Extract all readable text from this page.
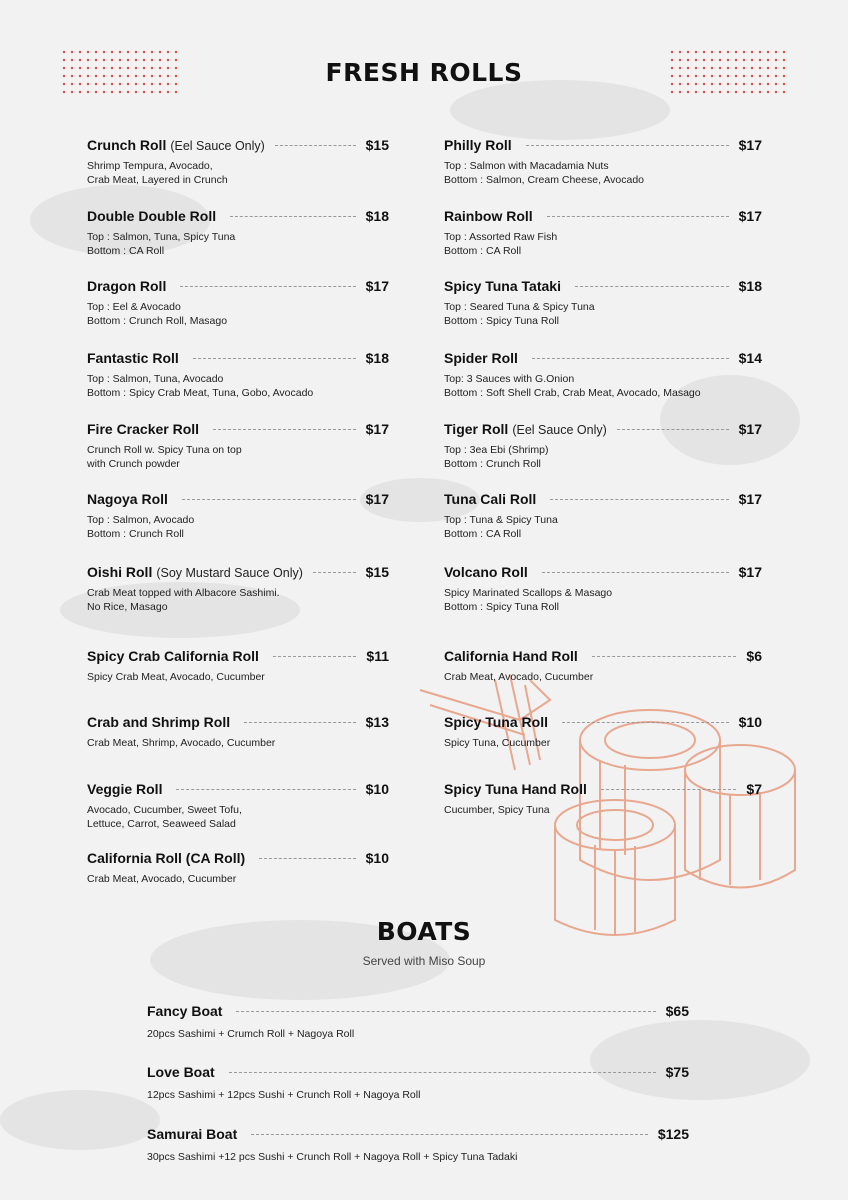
FRESH ROLLS
Crunch Roll (Eel Sauce Only)	$15
Shrimp Tempura, Avocado,
Crab Meat, Layered in Crunch
Double Double Roll	$18
Top : Salmon, Tuna, Spicy Tuna
Bottom : CA Roll
Dragon Roll	$17
Top : Eel & Avocado
Bottom : Crunch Roll, Masago
Fantastic Roll	$18
Top : Salmon, Tuna, Avocado
Bottom : Spicy Crab Meat, Tuna, Gobo, Avocado
Fire Cracker Roll	$17
Crunch Roll w. Spicy Tuna on top
with Crunch powder
Nagoya Roll	$17
Top : Salmon, Avocado
Bottom : Crunch Roll
Oishi Roll (Soy Mustard Sauce Only)	$15
Crab Meat topped with Albacore Sashimi.
No Rice, Masago
Spicy Crab California Roll	$11
Spicy Crab Meat, Avocado, Cucumber
Crab and Shrimp Roll	$13
Crab Meat, Shrimp, Avocado, Cucumber
Veggie Roll	$10
Avocado, Cucumber, Sweet Tofu,
Lettuce, Carrot, Seaweed Salad
California Roll (CA Roll)	$10
Crab Meat, Avocado, Cucumber
Philly Roll	$17
Top : Salmon with Macadamia Nuts
Bottom : Salmon, Cream Cheese, Avocado
Rainbow Roll	$17
Top : Assorted Raw Fish
Bottom : CA Roll
Spicy Tuna Tataki	$18
Top : Seared Tuna & Spicy Tuna
Bottom : Spicy Tuna Roll
Spider Roll	$14
Top: 3 Sauces with G.Onion
Bottom : Soft Shell Crab, Crab Meat, Avocado, Masago
Tiger Roll (Eel Sauce Only)	$17
Top : 3ea Ebi (Shrimp)
Bottom : Crunch Roll
Tuna Cali Roll	$17
Top : Tuna & Spicy Tuna
Bottom : CA Roll
Volcano Roll	$17
Spicy Marinated Scallops & Masago
Bottom : Spicy Tuna Roll
California Hand Roll	$6
Crab Meat, Avocado, Cucumber
Spicy Tuna Roll	$10
Spicy Tuna, Cucumber
Spicy Tuna Hand Roll	$7
Cucumber, Spicy Tuna
BOATS
Served with Miso Soup
Fancy Boat	$65
20pcs Sashimi + Crumch Roll + Nagoya Roll
Love Boat	$75
12pcs Sashimi + 12pcs Sushi + Crunch Roll + Nagoya Roll
Samurai Boat	$125
30pcs Sashimi +12 pcs Sushi + Crunch Roll + Nagoya Roll + Spicy Tuna Tadaki
